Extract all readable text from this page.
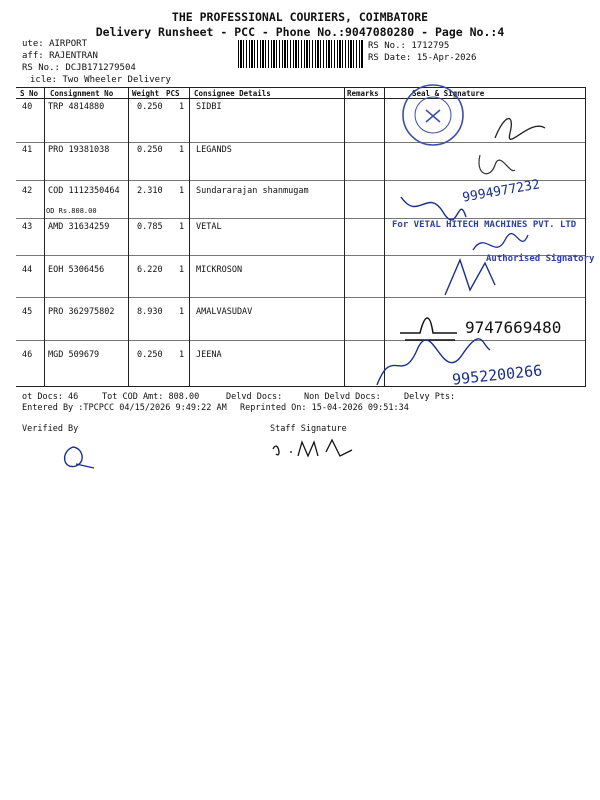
THE PROFESSIONAL COURIERS, COIMBATORE
Delivery Runsheet - PCC - Phone No.:9047080280 - Page No.:4
ute: AIRPORT
aff: RAJENTRAN
RS No.: DCJB171279504
icle: Two Wheeler Delivery
RS No.: 1712795
RS Date: 15-Apr-2026
S No Consignment No	Weight PCS Consignee Details	Remarks	Seal & Signature
40 TRP 4814880	0.250 1 SIDBI
41 PRO 19381038	0.250 1 LEGANDS
42 COD 1112350464 2.310 1 Sundararajan shanmugam
OD Rs.808.00
43 AMD 31634259	0.785 1 VETAL
44 EOH 5306456	6.220 1 MICKROSON
45 PRO 362975802	8.930 1 AMALVASUDAV
46 MGD 509679	0.250 1 JEENA
9994977232
For VETAL HITECH MACHINES PVT. LTD
Authorised Signatory
9747669480
9952200266
ot Docs: 46	Tot COD Amt: 808.00	Delvd Docs:	Non Delvd Docs:	Delvy Pts:
Entered By :TPCPCC 04/15/2026 9:49:22 AM Reprinted On: 15-04-2026 09:51:34
Verified By	Staff Signature
